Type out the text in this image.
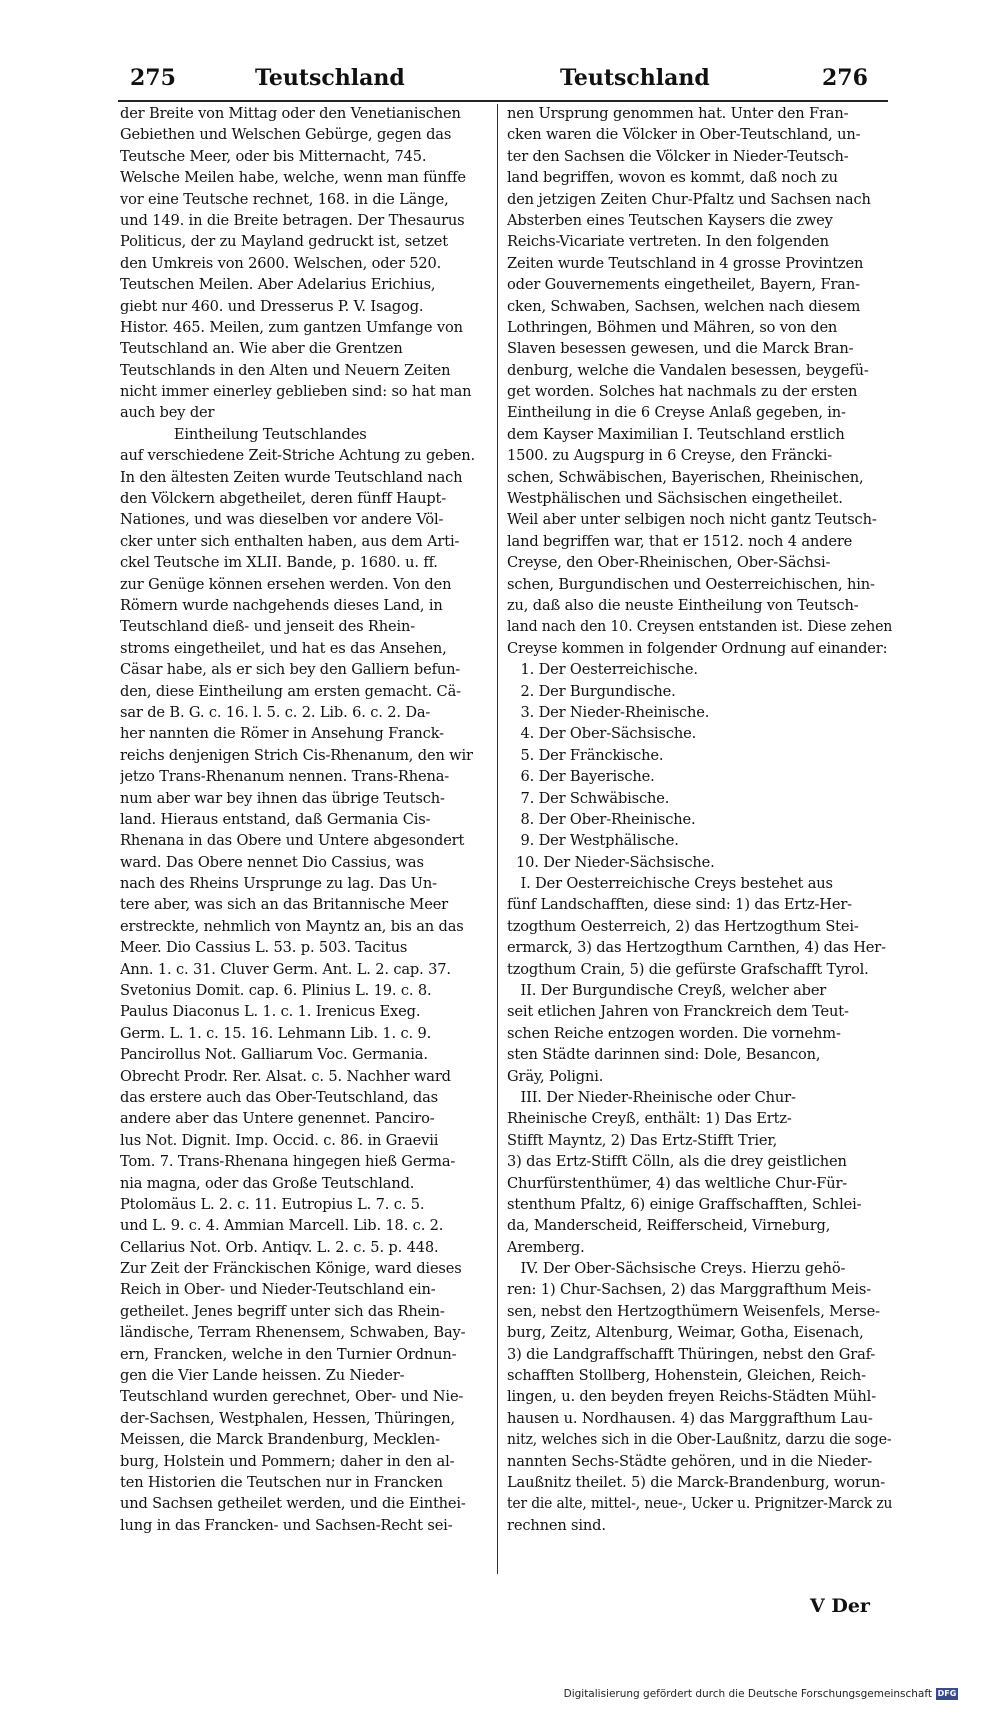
275	Teutschland	Teutschland	276
der Breite von Mittag oder den Venetianischen
Gebiethen und Welschen Gebürge, gegen das
Teutsche Meer, oder bis Mitternacht, 745.
Welsche Meilen habe, welche, wenn man fünffe
vor eine Teutsche rechnet, 168. in die Länge,
und 149. in die Breite betragen. Der Thesaurus
Politicus, der zu Mayland gedruckt ist, setzet
den Umkreis von 2600. Welschen, oder 520.
Teutschen Meilen. Aber Adelarius Erichius,
giebt nur 460. und Dresserus P. V. Isagog.
Histor. 465. Meilen, zum gantzen Umfange von
Teutschland an. Wie aber die Grentzen
Teutschlands in den Alten und Neuern Zeiten
nicht immer einerley geblieben sind: so hat man
auch bey der
Eintheilung Teutschlandes
auf verschiedene Zeit-Striche Achtung zu geben.
In den ältesten Zeiten wurde Teutschland nach
den Völckern abgetheilet, deren fünff Haupt-
Nationes, und was dieselben vor andere Völ-
cker unter sich enthalten haben, aus dem Arti-
ckel Teutsche im XLII. Bande, p. 1680. u. ff.
zur Genüge können ersehen werden. Von den
Römern wurde nachgehends dieses Land, in
Teutschland dieß- und jenseit des Rhein-
stroms eingetheilet, und hat es das Ansehen,
Cäsar habe, als er sich bey den Galliern befun-
den, diese Eintheilung am ersten gemacht. Cä-
sar de B. G. c. 16. l. 5. c. 2. Lib. 6. c. 2. Da-
her nannten die Römer in Ansehung Franck-
reichs denjenigen Strich Cis-Rhenanum, den wir
jetzo Trans-Rhenanum nennen. Trans-Rhena-
num aber war bey ihnen das übrige Teutsch-
land. Hieraus entstand, daß Germania Cis-
Rhenana in das Obere und Untere abgesondert
ward. Das Obere nennet Dio Cassius, was
nach des Rheins Ursprunge zu lag. Das Un-
tere aber, was sich an das Britannische Meer
erstreckte, nehmlich von Mayntz an, bis an das
Meer. Dio Cassius L. 53. p. 503. Tacitus
Ann. 1. c. 31. Cluver Germ. Ant. L. 2. cap. 37.
Svetonius Domit. cap. 6. Plinius L. 19. c. 8.
Paulus Diaconus L. 1. c. 1. Irenicus Exeg.
Germ. L. 1. c. 15. 16. Lehmann Lib. 1. c. 9.
Pancirollus Not. Galliarum Voc. Germania.
Obrecht Prodr. Rer. Alsat. c. 5. Nachher ward
das erstere auch das Ober-Teutschland, das
andere aber das Untere genennet. Panciro-
lus Not. Dignit. Imp. Occid. c. 86. in Graevii
Tom. 7. Trans-Rhenana hingegen hieß Germa-
nia magna, oder das Große Teutschland.
Ptolomäus L. 2. c. 11. Eutropius L. 7. c. 5.
und L. 9. c. 4. Ammian Marcell. Lib. 18. c. 2.
Cellarius Not. Orb. Antiqv. L. 2. c. 5. p. 448.
Zur Zeit der Fränckischen Könige, ward dieses
Reich in Ober- und Nieder-Teutschland ein-
getheilet. Jenes begriff unter sich das Rhein-
ländische, Terram Rhenensem, Schwaben, Bay-
ern, Francken, welche in den Turnier Ordnun-
gen die Vier Lande heissen. Zu Nieder-
Teutschland wurden gerechnet, Ober- und Nie-
der-Sachsen, Westphalen, Hessen, Thüringen,
Meissen, die Marck Brandenburg, Mecklen-
burg, Holstein und Pommern; daher in den al-
ten Historien die Teutschen nur in Francken
und Sachsen getheilet werden, und die Einthei-
lung in das Francken- und Sachsen-Recht sei-
nen Ursprung genommen hat. Unter den Fran-
cken waren die Völcker in Ober-Teutschland, un-
ter den Sachsen die Völcker in Nieder-Teutsch-
land begriffen, wovon es kommt, daß noch zu
den jetzigen Zeiten Chur-Pfaltz und Sachsen nach
Absterben eines Teutschen Kaysers die zwey
Reichs-Vicariate vertreten. In den folgenden
Zeiten wurde Teutschland in 4 grosse Provintzen
oder Gouvernements eingetheilet, Bayern, Fran-
cken, Schwaben, Sachsen, welchen nach diesem
Lothringen, Böhmen und Mähren, so von den
Slaven besessen gewesen, und die Marck Bran-
denburg, welche die Vandalen besessen, beygefü-
get worden. Solches hat nachmals zu der ersten
Eintheilung in die 6 Creyse Anlaß gegeben, in-
dem Kayser Maximilian I. Teutschland erstlich
1500. zu Augspurg in 6 Creyse, den Fräncki-
schen, Schwäbischen, Bayerischen, Rheinischen,
Westphälischen und Sächsischen eingetheilet.
Weil aber unter selbigen noch nicht gantz Teutsch-
land begriffen war, that er 1512. noch 4 andere
Creyse, den Ober-Rheinischen, Ober-Sächsi-
schen, Burgundischen und Oesterreichischen, hin-
zu, daß also die neuste Eintheilung von Teutsch-
land nach den 10. Creysen entstanden ist. Diese zehen
Creyse kommen in folgender Ordnung auf einander:
1. Der Oesterreichische.
2. Der Burgundische.
3. Der Nieder-Rheinische.
4. Der Ober-Sächsische.
5. Der Fränckische.
6. Der Bayerische.
7. Der Schwäbische.
8. Der Ober-Rheinische.
9. Der Westphälische.
10. Der Nieder-Sächsische.
I. Der Oesterreichische Creys bestehet aus
fünf Landschafften, diese sind: 1) das Ertz-Her-
tzogthum Oesterreich, 2) das Hertzogthum Stei-
ermarck, 3) das Hertzogthum Carnthen, 4) das Her-
tzogthum Crain, 5) die gefürste Grafschafft Tyrol.
II. Der Burgundische Creyß, welcher aber
seit etlichen Jahren von Franckreich dem Teut-
schen Reiche entzogen worden. Die vornehm-
sten Städte darinnen sind: Dole, Besancon,
Gräy, Poligni.
III. Der Nieder-Rheinische oder Chur-
Rheinische Creyß, enthält: 1) Das Ertz-
Stifft Mayntz, 2) Das Ertz-Stifft Trier,
3) das Ertz-Stifft Cölln, als die drey geistlichen
Churfürstenthümer, 4) das weltliche Chur-Für-
stenthum Pfaltz, 6) einige Graffschafften, Schlei-
da, Manderscheid, Reifferscheid, Virneburg,
Aremberg.
IV. Der Ober-Sächsische Creys. Hierzu gehö-
ren: 1) Chur-Sachsen, 2) das Marggrafthum Meis-
sen, nebst den Hertzogthümern Weisenfels, Merse-
burg, Zeitz, Altenburg, Weimar, Gotha, Eisenach,
3) die Landgraffschafft Thüringen, nebst den Graf-
schafften Stollberg, Hohenstein, Gleichen, Reich-
lingen, u. den beyden freyen Reichs-Städten Mühl-
hausen u. Nordhausen. 4) das Marggrafthum Lau-
nitz, welches sich in die Ober-Laußnitz, darzu die soge-
nannten Sechs-Städte gehören, und in die Nieder-
Laußnitz theilet. 5) die Marck-Brandenburg, worun-
ter die alte, mittel-, neue-, Ucker u. Prignitzer-Marck zu
rechnen sind.
V Der
Digitalisierung gefördert durch die Deutsche Forschungsgemeinschaft DFG
